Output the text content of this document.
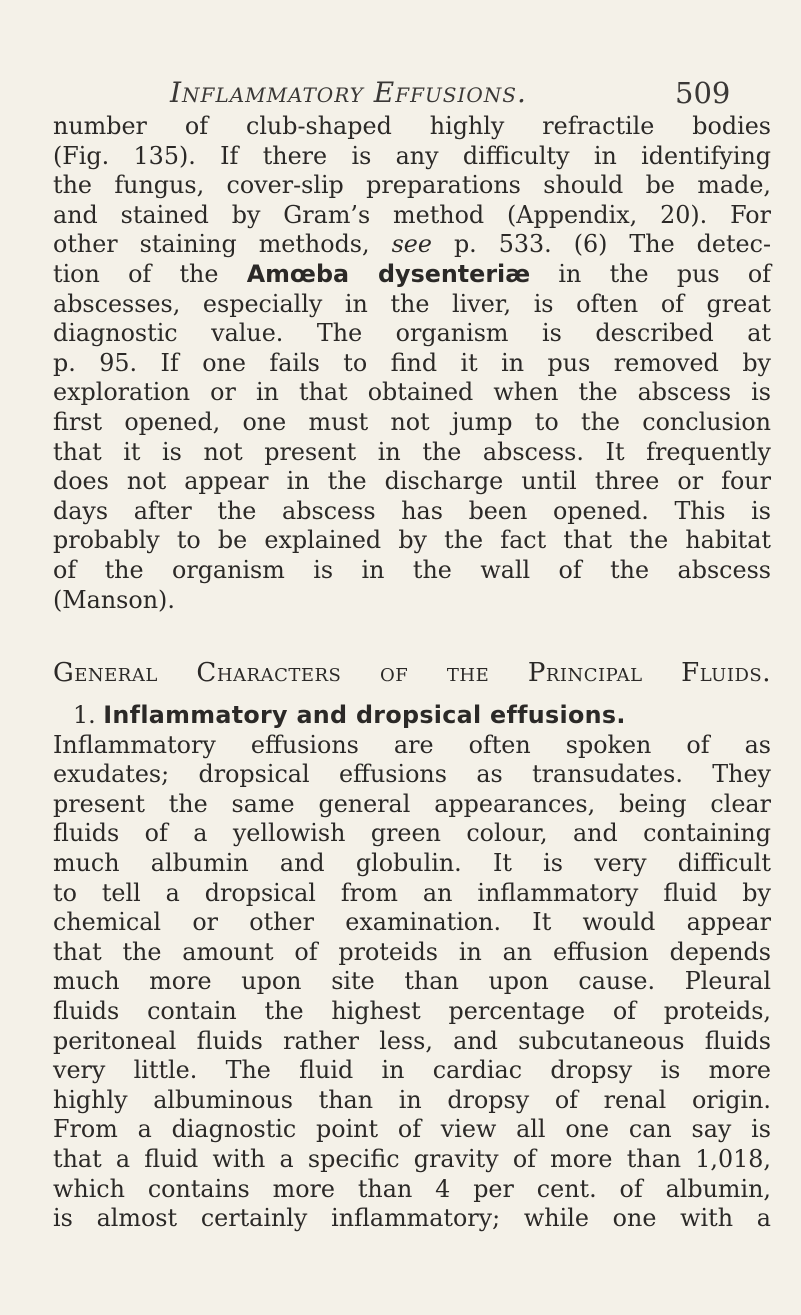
Inflammatory Effusions.	509
number of club-shaped highly refractile bodies
(Fig. 135). If there is any difficulty in identifying
the fungus, cover-slip preparations should be made,
and stained by Gram’s method (Appendix, 20). For
other staining methods, see p. 533. (6) The detec-
tion of the Amœba dysenteriæ in the pus of
abscesses, especially in the liver, is often of great
diagnostic value. The organism is described at
p. 95. If one fails to find it in pus removed by
exploration or in that obtained when the abscess is
first opened, one must not jump to the conclusion
that it is not present in the abscess. It frequently
does not appear in the discharge until three or four
days after the abscess has been opened. This is
probably to be explained by the fact that the habitat
of the organism is in the wall of the abscess
(Manson).
General Characters of the Principal Fluids.
1. Inflammatory and dropsical effusions.
Inflammatory effusions are often spoken of as
exudates; dropsical effusions as transudates. They
present the same general appearances, being clear
fluids of a yellowish green colour, and containing
much albumin and globulin. It is very difficult
to tell a dropsical from an inflammatory fluid by
chemical or other examination. It would appear
that the amount of proteids in an effusion depends
much more upon site than upon cause. Pleural
fluids contain the highest percentage of proteids,
peritoneal fluids rather less, and subcutaneous fluids
very little. The fluid in cardiac dropsy is more
highly albuminous than in dropsy of renal origin.
From a diagnostic point of view all one can say is
that a fluid with a specific gravity of more than 1,018,
which contains more than 4 per cent. of albumin,
is almost certainly inflammatory; while one with a
